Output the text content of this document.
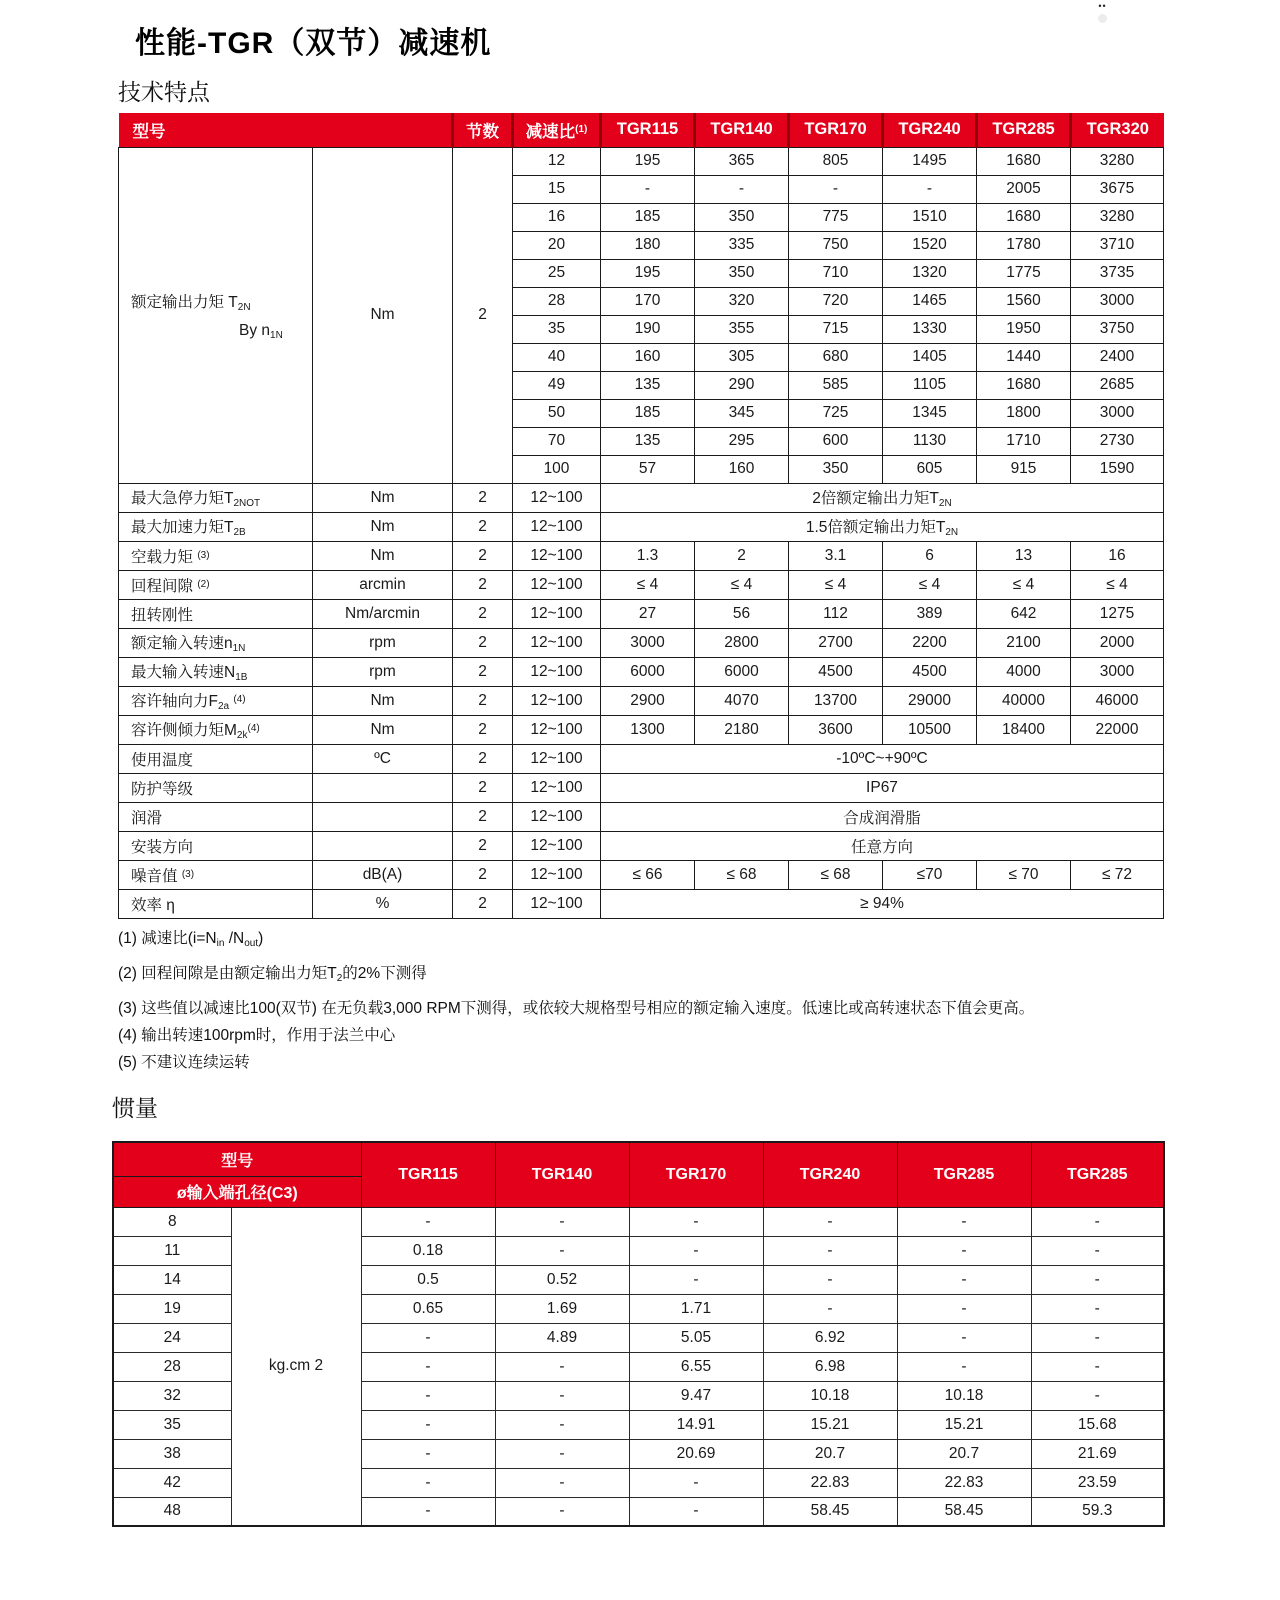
••
性能-TGR（双节）减速机
技术特点
型号		节数	减速比$^{(1)}$	TGR115	TGR140	TGR170	TGR240	TGR285	TGR320
额定输出力矩 $T_{2N}$
By $n_{1N}$	Nm	2	12	195	365	805	1495	1680	3280
			15	-	-	-	-	2005	3675
			16	185	350	775	1510	1680	3280
			20	180	335	750	1520	1780	3710
			25	195	350	710	1320	1775	3735
			28	170	320	720	1465	1560	3000
			35	190	355	715	1330	1950	3750
			40	160	305	680	1405	1440	2400
			49	135	290	585	1105	1680	2685
			50	185	345	725	1345	1800	3000
			70	135	295	600	1130	1710	2730
			100	57	160	350	605	915	1590
最大急停力矩$T_{2NOT}$	Nm	2	12~100	2倍额定输出力矩$T_{2N}$
最大加速力矩$T_{2B}$	Nm	2	12~100	1.5倍额定输出力矩$T_{2N}$
空载力矩 $^{(3)}$	Nm	2	12~100	1.3	2	3.1	6	13	16
回程间隙 $^{(2)}$	arcmin	2	12~100	≤ 4	≤ 4	≤ 4	≤ 4	≤ 4	≤ 4
扭转刚性	Nm/arcmin	2	12~100	27	56	112	389	642	1275
额定输入转速$n_{1N}$	rpm	2	12~100	3000	2800	2700	2200	2100	2000
最大输入转速$N_{1B}$	rpm	2	12~100	6000	6000	4500	4500	4000	3000
容许轴向力$F_{2a}$ $^{(4)}$	Nm	2	12~100	2900	4070	13700	29000	40000	46000
容许侧倾力矩$M_{2k}^{(4)}$	Nm	2	12~100	1300	2180	3600	10500	18400	22000
使用温度	ºC	2	12~100	-10ºC~+90ºC					
防护等级		2	12~100	IP67					
润滑		2	12~100	合成润滑脂					
安装方向		2	12~100	任意方向					
噪音值 $^{(3)}$	dB(A)	2	12~100	≤ 66	≤ 68	≤ 68	≤70	≤ 70	≤ 72
效率 η	%	2	12~100	≥ 94%					
(1) 减速比($i=N_{in}$ $/N_{out}$)
(2) 回程间隙是由额定输出力矩$T_2$的2%下测得
(3) 这些值以减速比100(双节) 在无负载3,000 RPM下测得，或依较大规格型号相应的额定输入速度。低速比或高转速状态下值会更高。
(4) 输出转速100rpm时，作用于法兰中心
(5) 不建议连续运转
惯量
型号		TGR115	TGR140	TGR170	TGR240	TGR285	TGR285
ø输入端孔径(C3)							
8	kg.cm 2	-	-	-	-	-	-
11		0.18	-	-	-	-	-
14		0.5	0.52	-	-	-	-
19		0.65	1.69	1.71	-	-	-
24		-	4.89	5.05	6.92	-	-
28		-	-	6.55	6.98	-	-
32		-	-	9.47	10.18	10.18	-
35		-	-	14.91	15.21	15.21	15.68
38		-	-	20.69	20.7	20.7	21.69
42		-	-	-	22.83	22.83	23.59
48		-	-	-	58.45	58.45	59.3
